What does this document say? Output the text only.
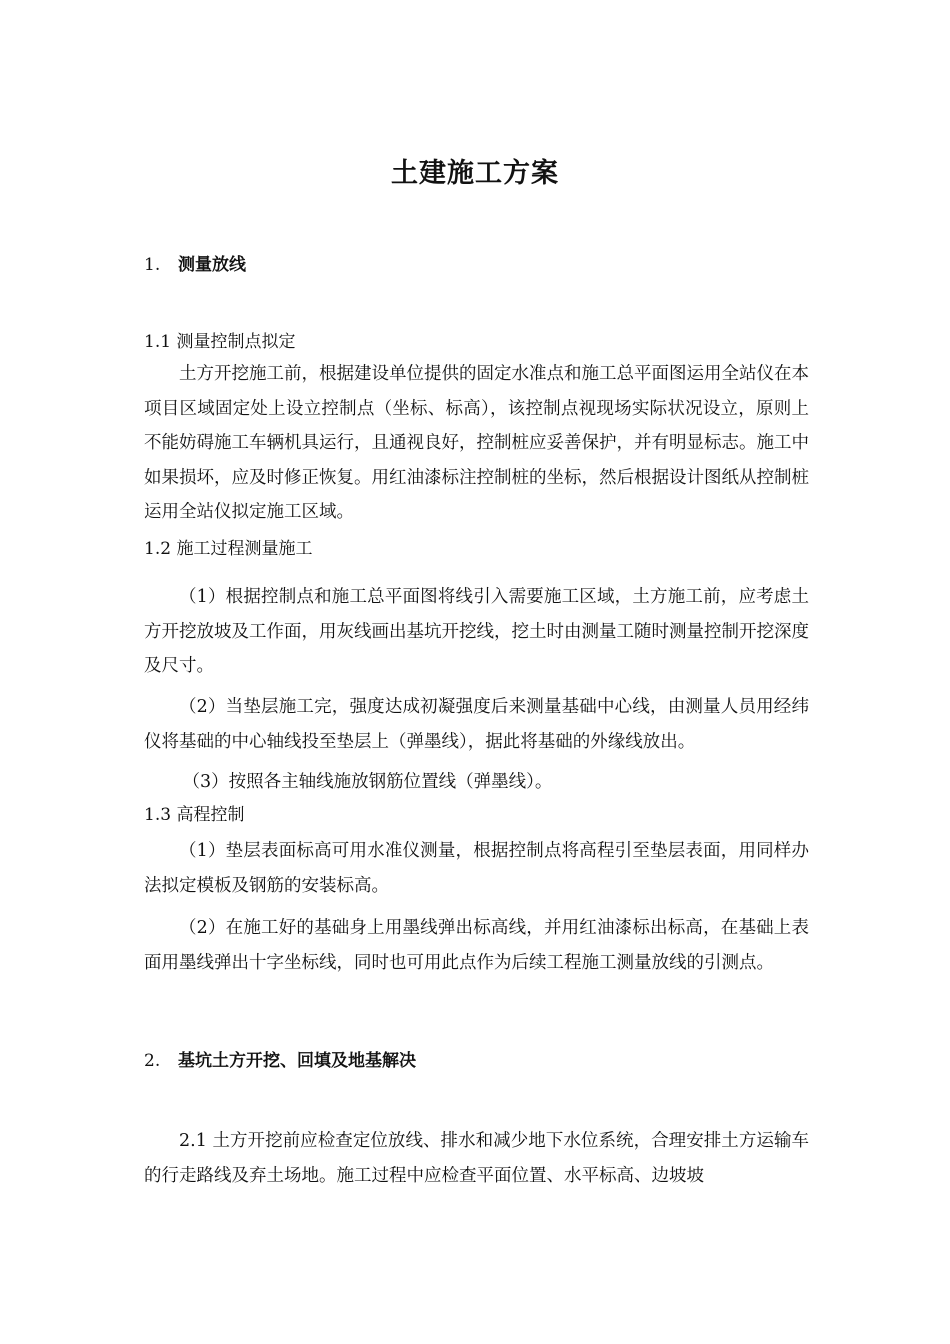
土建施工方案
1. 测量放线
1.1 测量控制点拟定

土方开挖施工前，根据建设单位提供的固定水准点和施工总平面图运用全站仪在本项目区域固定处上设立控制点（坐标、标高），该控制点视现场实际状况设立，原则上不能妨碍施工车辆机具运行，且通视良好，控制桩应妥善保护，并有明显标志。施工中如果损坏，应及时修正恢复。用红油漆标注控制桩的坐标，然后根据设计图纸从控制桩运用全站仪拟定施工区域。

1.2 施工过程测量施工

（1）根据控制点和施工总平面图将线引入需要施工区域，土方施工前，应考虑土方开挖放坡及工作面，用灰线画出基坑开挖线，挖土时由测量工随时测量控制开挖深度及尺寸。

（2）当垫层施工完，强度达成初凝强度后来测量基础中心线，由测量人员用经纬仪将基础的中心轴线投至垫层上（弹墨线），据此将基础的外缘线放出。

（3）按照各主轴线施放钢筋位置线（弹墨线）。

1.3 高程控制

（1）垫层表面标高可用水准仪测量，根据控制点将高程引至垫层表面，用同样办法拟定模板及钢筋的安装标高。

（2）在施工好的基础身上用墨线弹出标高线，并用红油漆标出标高，在基础上表面用墨线弹出十字坐标线，同时也可用此点作为后续工程施工测量放线的引测点。

2. 基坑土方开挖、回填及地基解决

2.1 土方开挖前应检查定位放线、排水和减少地下水位系统，合理安排土方运输车的行走路线及弃土场地。施工过程中应检查平面位置、水平标高、边坡坡
